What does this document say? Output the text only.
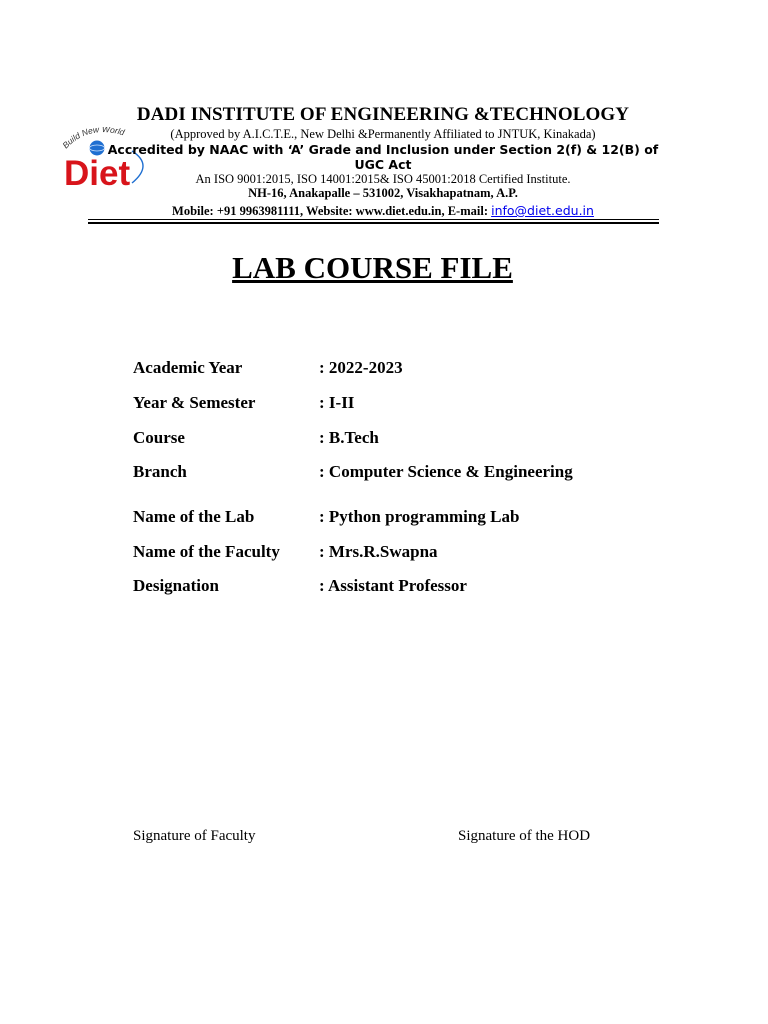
uild New World
Diet
DADI INSTITUTE OF ENGINEERING &TECHNOLOGY
(Approved by A.I.C.T.E., New Delhi &Permanently Affiliated to JNTUK, Kinakada)
Accredited by NAAC with ‘A’ Grade and Inclusion under Section 2(f) & 12(B) of
UGC Act
An ISO 9001:2015, ISO 14001:2015& ISO 45001:2018 Certified Institute.
NH-16, Anakapalle – 531002, Visakhapatnam, A.P.
Mobile: +91 9963981111, Website: www.diet.edu.in, E-mail: info@diet.edu.in
LAB COURSE FILE
Academic Year	: 2022-2023
Year & Semester	: I-II
Course	: B.Tech
Branch	: Computer Science & Engineering
Name of the Lab	: Python programming Lab
Name of the Faculty : Mrs.R.Swapna
Designation	: Assistant Professor
Signature of Faculty	Signature of the HOD
